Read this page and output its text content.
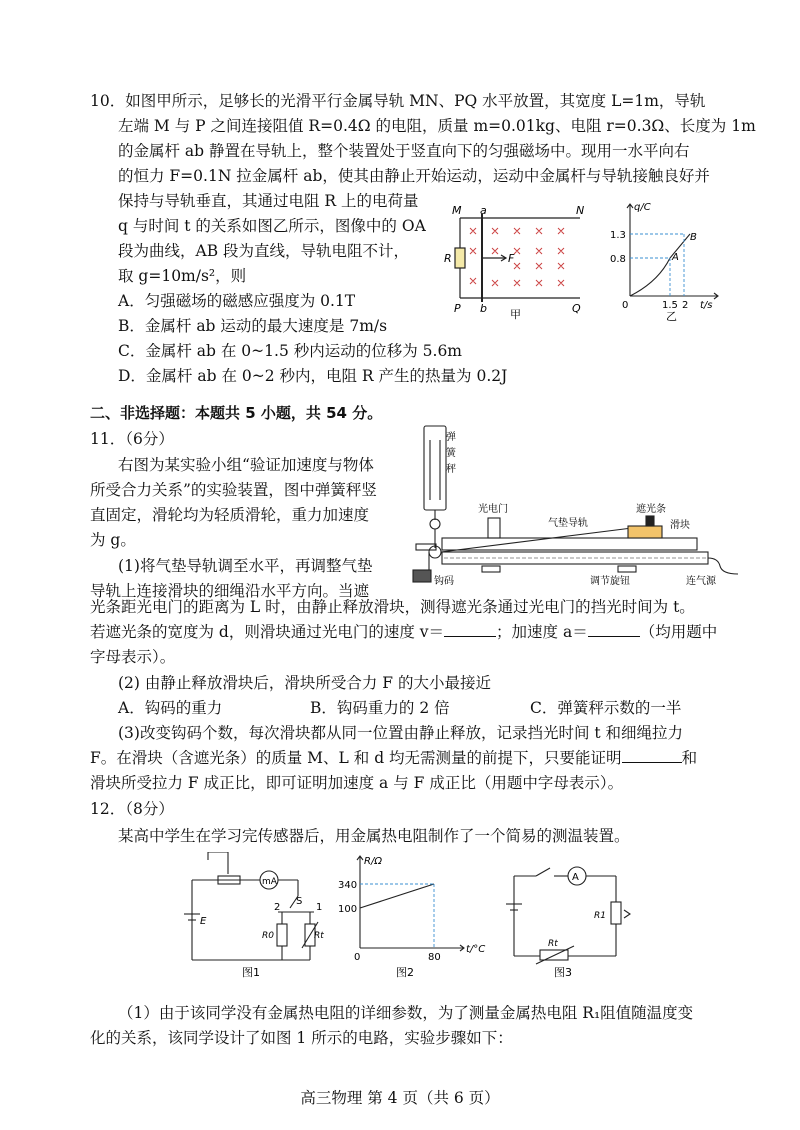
10．如图甲所示，足够长的光滑平行金属导轨 MN、PQ 水平放置，其宽度 L=1m，导轨
左端 M 与 P 之间连接阻值 R=0.4Ω 的电阻，质量 m=0.01kg、电阻 r=0.3Ω、长度为 1m
的金属杆 ab 静置在导轨上，整个装置处于竖直向下的匀强磁场中。现用一水平向右
的恒力 F=0.1N 拉金属杆 ab，使其由静止开始运动，运动中金属杆与导轨接触良好并
保持与导轨垂直，其通过电阻 R 上的电荷量
q 与时间 t 的关系如图乙所示，图像中的 OA
段为曲线，AB 段为直线，导轨电阻不计，
取 g=10m/s²，则
A．匀强磁场的磁感应强度为 0.1T
B．金属杆 ab 运动的最大速度是 7m/s
C．金属杆 ab 在 0~1.5 秒内运动的位移为 5.6m
D．金属杆 ab 在 0~2 秒内，电阻 R 产生的热量为 0.2J
M a	N
R	F
P b	Q
甲
q/C
1.3
0.8
0	1.5 2 t/s
A
B
乙
二、非选择题：本题共 5 小题，共 54 分。
11．（6分）
右图为某实验小组“验证加速度与物体
所受合力关系”的实验装置，图中弹簧秤竖
直固定，滑轮均为轻质滑轮，重力加速度
为 g。
(1)将气垫导轨调至水平，再调整气垫
导轨上连接滑块的细绳沿水平方向。当遮
光条距光电门的距离为 L 时，由静止释放滑块，测得遮光条通过光电门的挡光时间为 t。
若遮光条的宽度为 d，则滑块通过光电门的速度 v＝	；加速度 a＝	（均用题中
字母表示）。
(2) 由静止释放滑块后，滑块所受合力 F 的大小最接近
A．钩码的重力	B．钩码重力的 2 倍	C．弹簧秤示数的一半
(3)改变钩码个数，每次滑块都从同一位置由静止释放，记录挡光时间 t 和细绳拉力
F。在滑块（含遮光条）的质量 M、L 和 d 均无需测量的前提下，只要能证明	和
滑块所受拉力 F 成正比，即可证明加速度 a 与 F 成正比（用题中字母表示）。
弹
簧
秤
光电门
气垫导轨
遮光条
滑块
钩码	调节旋钮	连气源
12．（8分）
某高中学生在学习完传感器后，用金属热电阻制作了一个简易的测温装置。
mA
S
E
2	1
R0	Rt
图1
R/Ω
340
100
0	80
t/°C
图2
A
R1
Rt
图3
（1）由于该同学没有金属热电阻的详细参数，为了测量金属热电阻 R₁阻值随温度变
化的关系，该同学设计了如图 1 所示的电路，实验步骤如下：
高三物理 第 4 页（共 6 页）
